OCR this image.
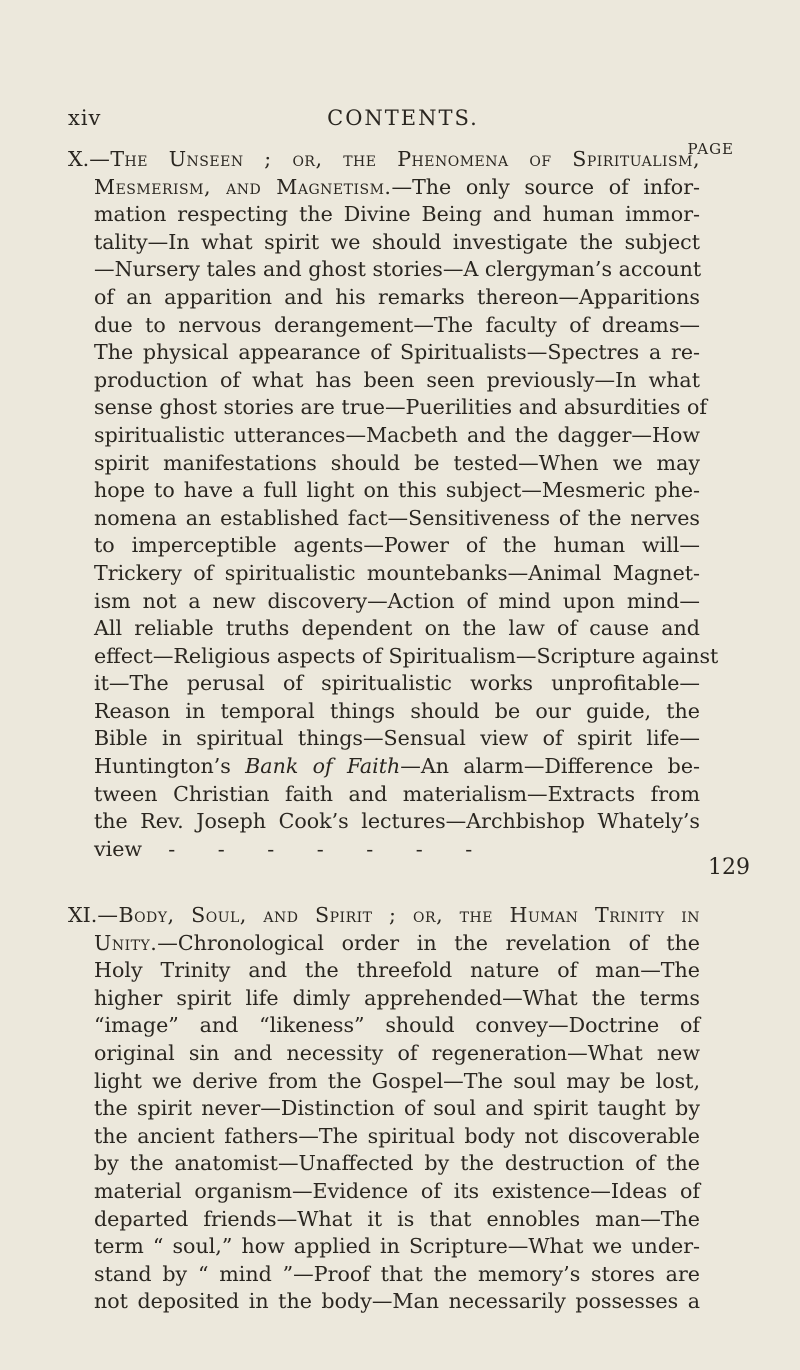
xiv	CONTENTS.
PAGE
X.—The Unseen ; or, the Phenomena of Spiritualism,
Mesmerism, and Magnetism.—The only source of infor-
mation respecting the Divine Being and human immor-
tality—In what spirit we should investigate the subject
—Nursery tales and ghost stories—A clergyman’s account
of an apparition and his remarks thereon—Apparitions
due to nervous derangement—The faculty of dreams—
The physical appearance of Spiritualists—Spectres a re-
production of what has been seen previously—In what
sense ghost stories are true—Puerilities and absurdities of
spiritualistic utterances—Macbeth and the dagger—How
spirit manifestations should be tested—When we may
hope to have a full light on this subject—Mesmeric phe-
nomena an established fact—Sensitiveness of the nerves
to imperceptible agents—Power of the human will—
Trickery of spiritualistic mountebanks—Animal Magnet-
ism not a new discovery—Action of mind upon mind—
All reliable truths dependent on the law of cause and
effect—Religious aspects of Spiritualism—Scripture against
it—The perusal of spiritualistic works unprofitable—
Reason in temporal things should be our guide, the
Bible in spiritual things—Sensual view of spirit life—
Huntington’s Bank of Faith—An alarm—Difference be-
tween Christian faith and materialism—Extracts from
the Rev. Joseph Cook’s lectures—Archbishop Whately’s
view - - - - - - -
129
XI.—Body, Soul, and Spirit ; or, the Human Trinity in
Unity.—Chronological order in the revelation of the
Holy Trinity and the threefold nature of man—The
higher spirit life dimly apprehended—What the terms
“image” and “likeness” should convey—Doctrine of
original sin and necessity of regeneration—What new
light we derive from the Gospel—The soul may be lost,
the spirit never—Distinction of soul and spirit taught by
the ancient fathers—The spiritual body not discoverable
by the anatomist—Unaffected by the destruction of the
material organism—Evidence of its existence—Ideas of
departed friends—What it is that ennobles man—The
term “ soul,” how applied in Scripture—What we under-
stand by “ mind ”—Proof that the memory’s stores are
not deposited in the body—Man necessarily possesses a
